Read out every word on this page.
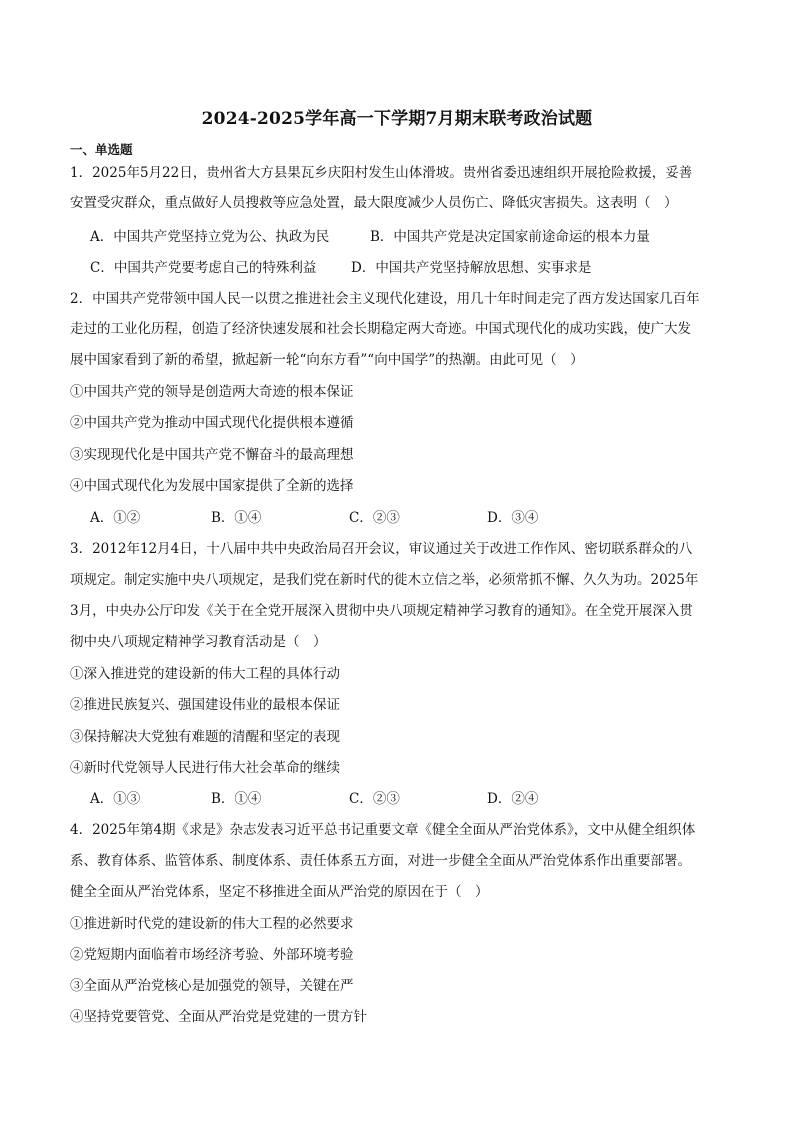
2024-2025学年高一下学期7月期末联考政治试题
一、单选题
1．2025年5月22日，贵州省大方县果瓦乡庆阳村发生山体滑坡。贵州省委迅速组织开展抢险救援，妥善
安置受灾群众，重点做好人员搜救等应急处置，最大限度减少人员伤亡、降低灾害损失。这表明（　）
A．中国共产党坚持立党为公、执政为民	B．中国共产党是决定国家前途命运的根本力量
C．中国共产党要考虑自己的特殊利益	D．中国共产党坚持解放思想、实事求是
2．中国共产党带领中国人民一以贯之推进社会主义现代化建设，用几十年时间走完了西方发达国家几百年
走过的工业化历程，创造了经济快速发展和社会长期稳定两大奇迹。中国式现代化的成功实践，使广大发
展中国家看到了新的希望，掀起新一轮“向东方看”“向中国学”的热潮。由此可见（　）
①中国共产党的领导是创造两大奇迹的根本保证
②中国共产党为推动中国式现代化提供根本遵循
③实现现代化是中国共产党不懈奋斗的最高理想
④中国式现代化为发展中国家提供了全新的选择
A．①②	B．①④	C．②③	D．③④
3．2012年12月4日，十八届中共中央政治局召开会议，审议通过关于改进工作作风、密切联系群众的八
项规定。制定实施中央八项规定，是我们党在新时代的徙木立信之举，必须常抓不懈、久久为功。2025年
3月，中央办公厅印发《关于在全党开展深入贯彻中央八项规定精神学习教育的通知》。在全党开展深入贯
彻中央八项规定精神学习教育活动是（　）
①深入推进党的建设新的伟大工程的具体行动
②推进民族复兴、强国建设伟业的最根本保证
③保持解决大党独有难题的清醒和坚定的表现
④新时代党领导人民进行伟大社会革命的继续
A．①③	B．①④	C．②③	D．②④
4．2025年第4期《求是》杂志发表习近平总书记重要文章《健全全面从严治党体系》，文中从健全组织体
系、教育体系、监管体系、制度体系、责任体系五方面，对进一步健全全面从严治党体系作出重要部署。
健全全面从严治党体系，坚定不移推进全面从严治党的原因在于（　）
①推进新时代党的建设新的伟大工程的必然要求
②党短期内面临着市场经济考验、外部环境考验
③全面从严治党核心是加强党的领导，关键在严
④坚持党要管党、全面从严治党是党建的一贯方针
